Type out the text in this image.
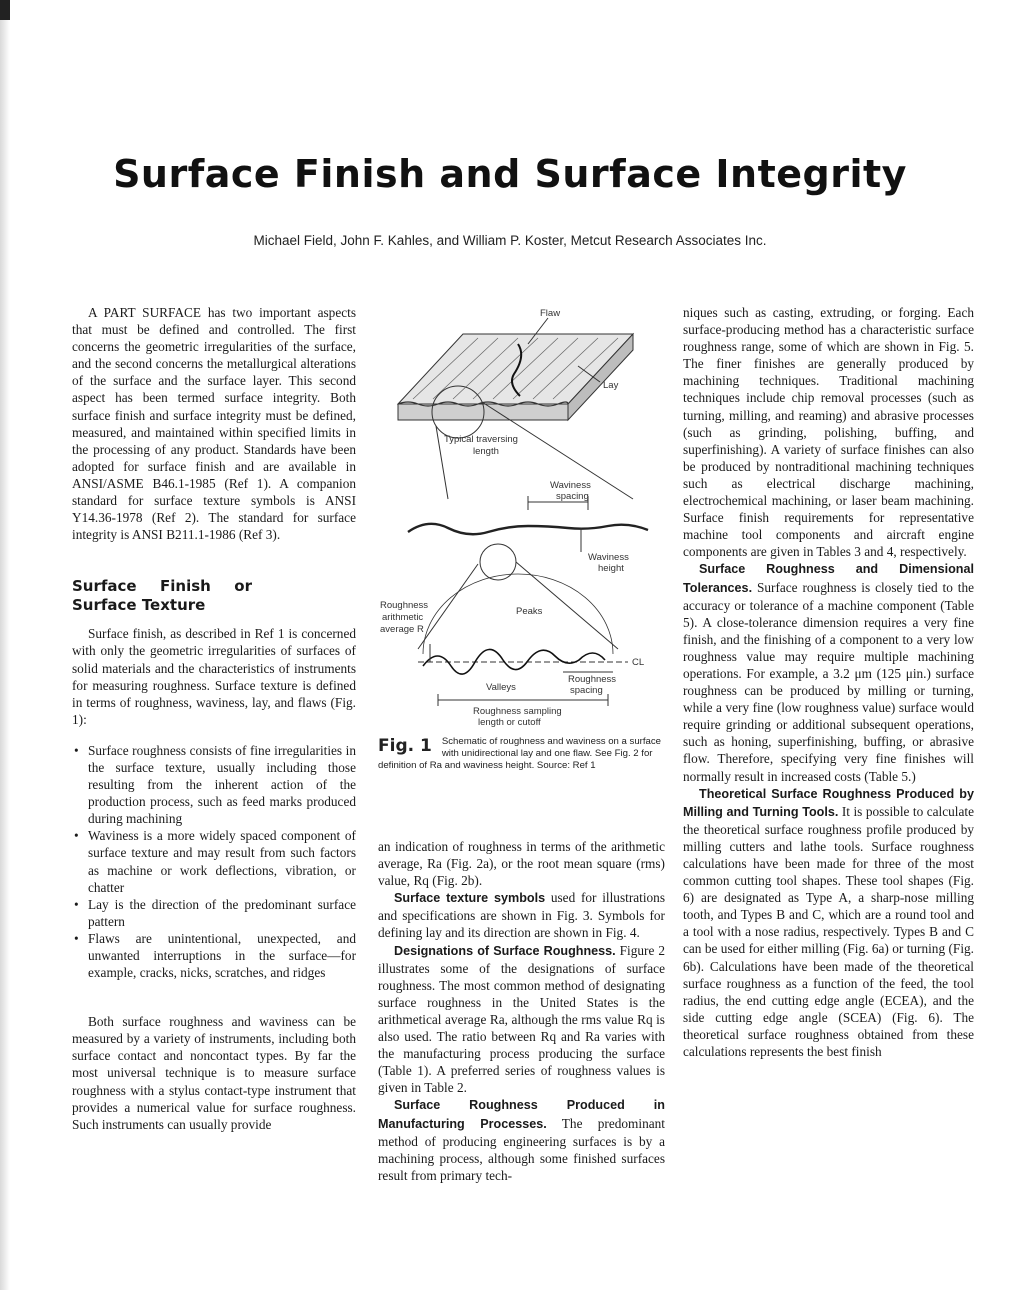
Surface Finish and Surface Integrity
Michael Field, John F. Kahles, and William P. Koster, Metcut Research Associates Inc.

A PART SURFACE has two important aspects that must be defined and controlled. The first concerns the geometric irregularities of the surface, and the second concerns the metallurgical alterations of the surface and the surface layer. This second aspect has been termed surface integrity. Both surface finish and surface integrity must be defined, measured, and maintained within specified limits in the processing of any product. Standards have been adopted for surface finish and are available in ANSI/ASME B46.1-1985 (Ref 1). A companion standard for surface texture symbols is ANSI Y14.36-1978 (Ref 2). The standard for surface integrity is ANSI B211.1-1986 (Ref 3).

Surface Finish or Surface Texture

Surface finish, as described in Ref 1 is concerned with only the geometric irregularities of surfaces of solid materials and the characteristics of instruments for measuring roughness. Surface texture is defined in terms of roughness, waviness, lay, and flaws (Fig. 1):

• Surface roughness consists of fine irregularities in the surface texture, usually including those resulting from the inherent action of the production process, such as feed marks produced during machining
• Waviness is a more widely spaced component of surface texture and may result from such factors as machine or work deflections, vibration, or chatter
• Lay is the direction of the predominant surface pattern
• Flaws are unintentional, unexpected, and unwanted interruptions in the surface—for example, cracks, nicks, scratches, and ridges

Both surface roughness and waviness can be measured by a variety of instruments, including both surface contact and noncontact types. By far the most universal technique is to measure surface roughness with a stylus contact-type instrument that provides a numerical value for surface roughness. Such instruments can usually provide

Flaw
Lay
Typical traversing
length
Waviness
spacing
Waviness
height
Roughness
arithmetic
average R
Peaks
Valleys
Roughness
spacing
Roughness sampling
length or cutoff
CL
Fig. 1 Schematic of roughness and waviness on a surface with unidirectional lay and one flaw. See Fig. 2 for definition of Ra and waviness height. Source: Ref 1

an indication of roughness in terms of the arithmetic average, Ra (Fig. 2a), or the root mean square (rms) value, Rq (Fig. 2b).

Surface texture symbols used for illustrations and specifications are shown in Fig. 3. Symbols for defining lay and its direction are shown in Fig. 4.

Designations of Surface Roughness. Figure 2 illustrates some of the designations of surface roughness. The most common method of designating surface roughness in the United States is the arithmetical average Ra, although the rms value Rq is also used. The ratio between Rq and Ra varies with the manufacturing process producing the surface (Table 1). A preferred series of roughness values is given in Table 2.

Surface Roughness Produced in Manufacturing Processes. The predominant method of producing engineering surfaces is by a machining process, although some finished surfaces result from primary tech-

niques such as casting, extruding, or forging. Each surface-producing method has a characteristic surface roughness range, some of which are shown in Fig. 5. The finer finishes are generally produced by machining techniques. Traditional machining techniques include chip removal processes (such as turning, milling, and reaming) and abrasive processes (such as grinding, polishing, buffing, and superfinishing). A variety of surface finishes can also be produced by nontraditional machining techniques such as electrical discharge machining, electrochemical machining, or laser beam machining. Surface finish requirements for representative machine tool components and aircraft engine components are given in Tables 3 and 4, respectively.

Surface Roughness and Dimensional Tolerances. Surface roughness is closely tied to the accuracy or tolerance of a machine component (Table 5). A close-tolerance dimension requires a very fine finish, and the finishing of a component to a very low roughness value may require multiple machining operations. For example, a 3.2 μm (125 μin.) surface roughness can be produced by milling or turning, while a very fine (low roughness value) surface would require grinding or additional subsequent operations, such as honing, superfinishing, buffing, or abrasive flow. Therefore, specifying very fine finishes will normally result in increased costs (Table 5.)

Theoretical Surface Roughness Produced by Milling and Turning Tools. It is possible to calculate the theoretical surface roughness profile produced by milling cutters and lathe tools. Surface roughness calculations have been made for three of the most common cutting tool shapes. These tool shapes (Fig. 6) are designated as Type A, a sharp-nose milling tooth, and Types B and C, which are a round tool and a tool with a nose radius, respectively. Types B and C can be used for either milling (Fig. 6a) or turning (Fig. 6b). Calculations have been made of the theoretical surface roughness as a function of the feed, the tool radius, the end cutting edge angle (ECEA), and the side cutting edge angle (SCEA) (Fig. 6). The theoretical surface roughness obtained from these calculations represents the best finish
